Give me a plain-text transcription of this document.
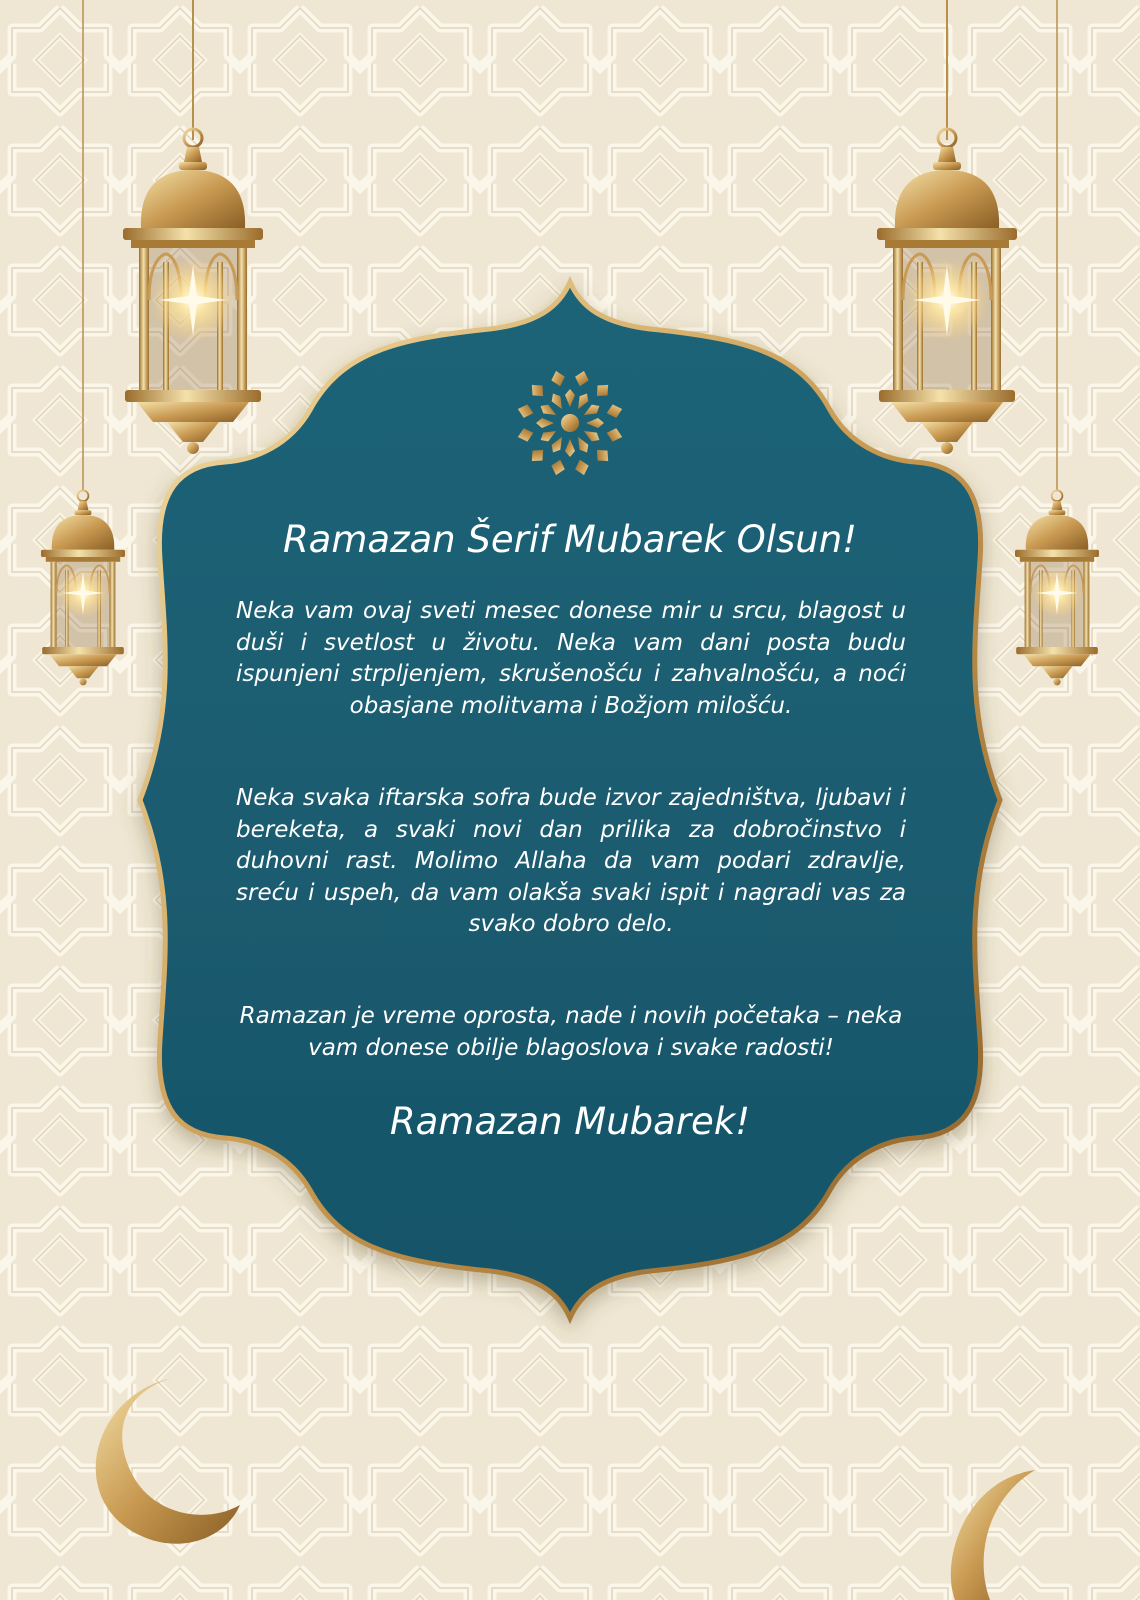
Ramazan Šerif Mubarek Olsun!
Neka vam ovaj sveti mesec donese mir u srcu, blagost u duši i svetlost u životu. Neka vam dani posta budu ispunjeni strpljenjem, skrušenošću i zahvalnošću, a noći obasjane molitvama i Božjom milošću.
Neka svaka iftarska sofra bude izvor zajedništva, ljubavi i bereketa, a svaki novi dan prilika za dobročinstvo i duhovni rast. Molimo Allaha da vam podari zdravlje, sreću i uspeh, da vam olakša svaki ispit i nagradi vas za svako dobro delo.
Ramazan je vreme oprosta, nade i novih početaka – neka vam donese obilje blagoslova i svake radosti!
Ramazan Mubarek!
